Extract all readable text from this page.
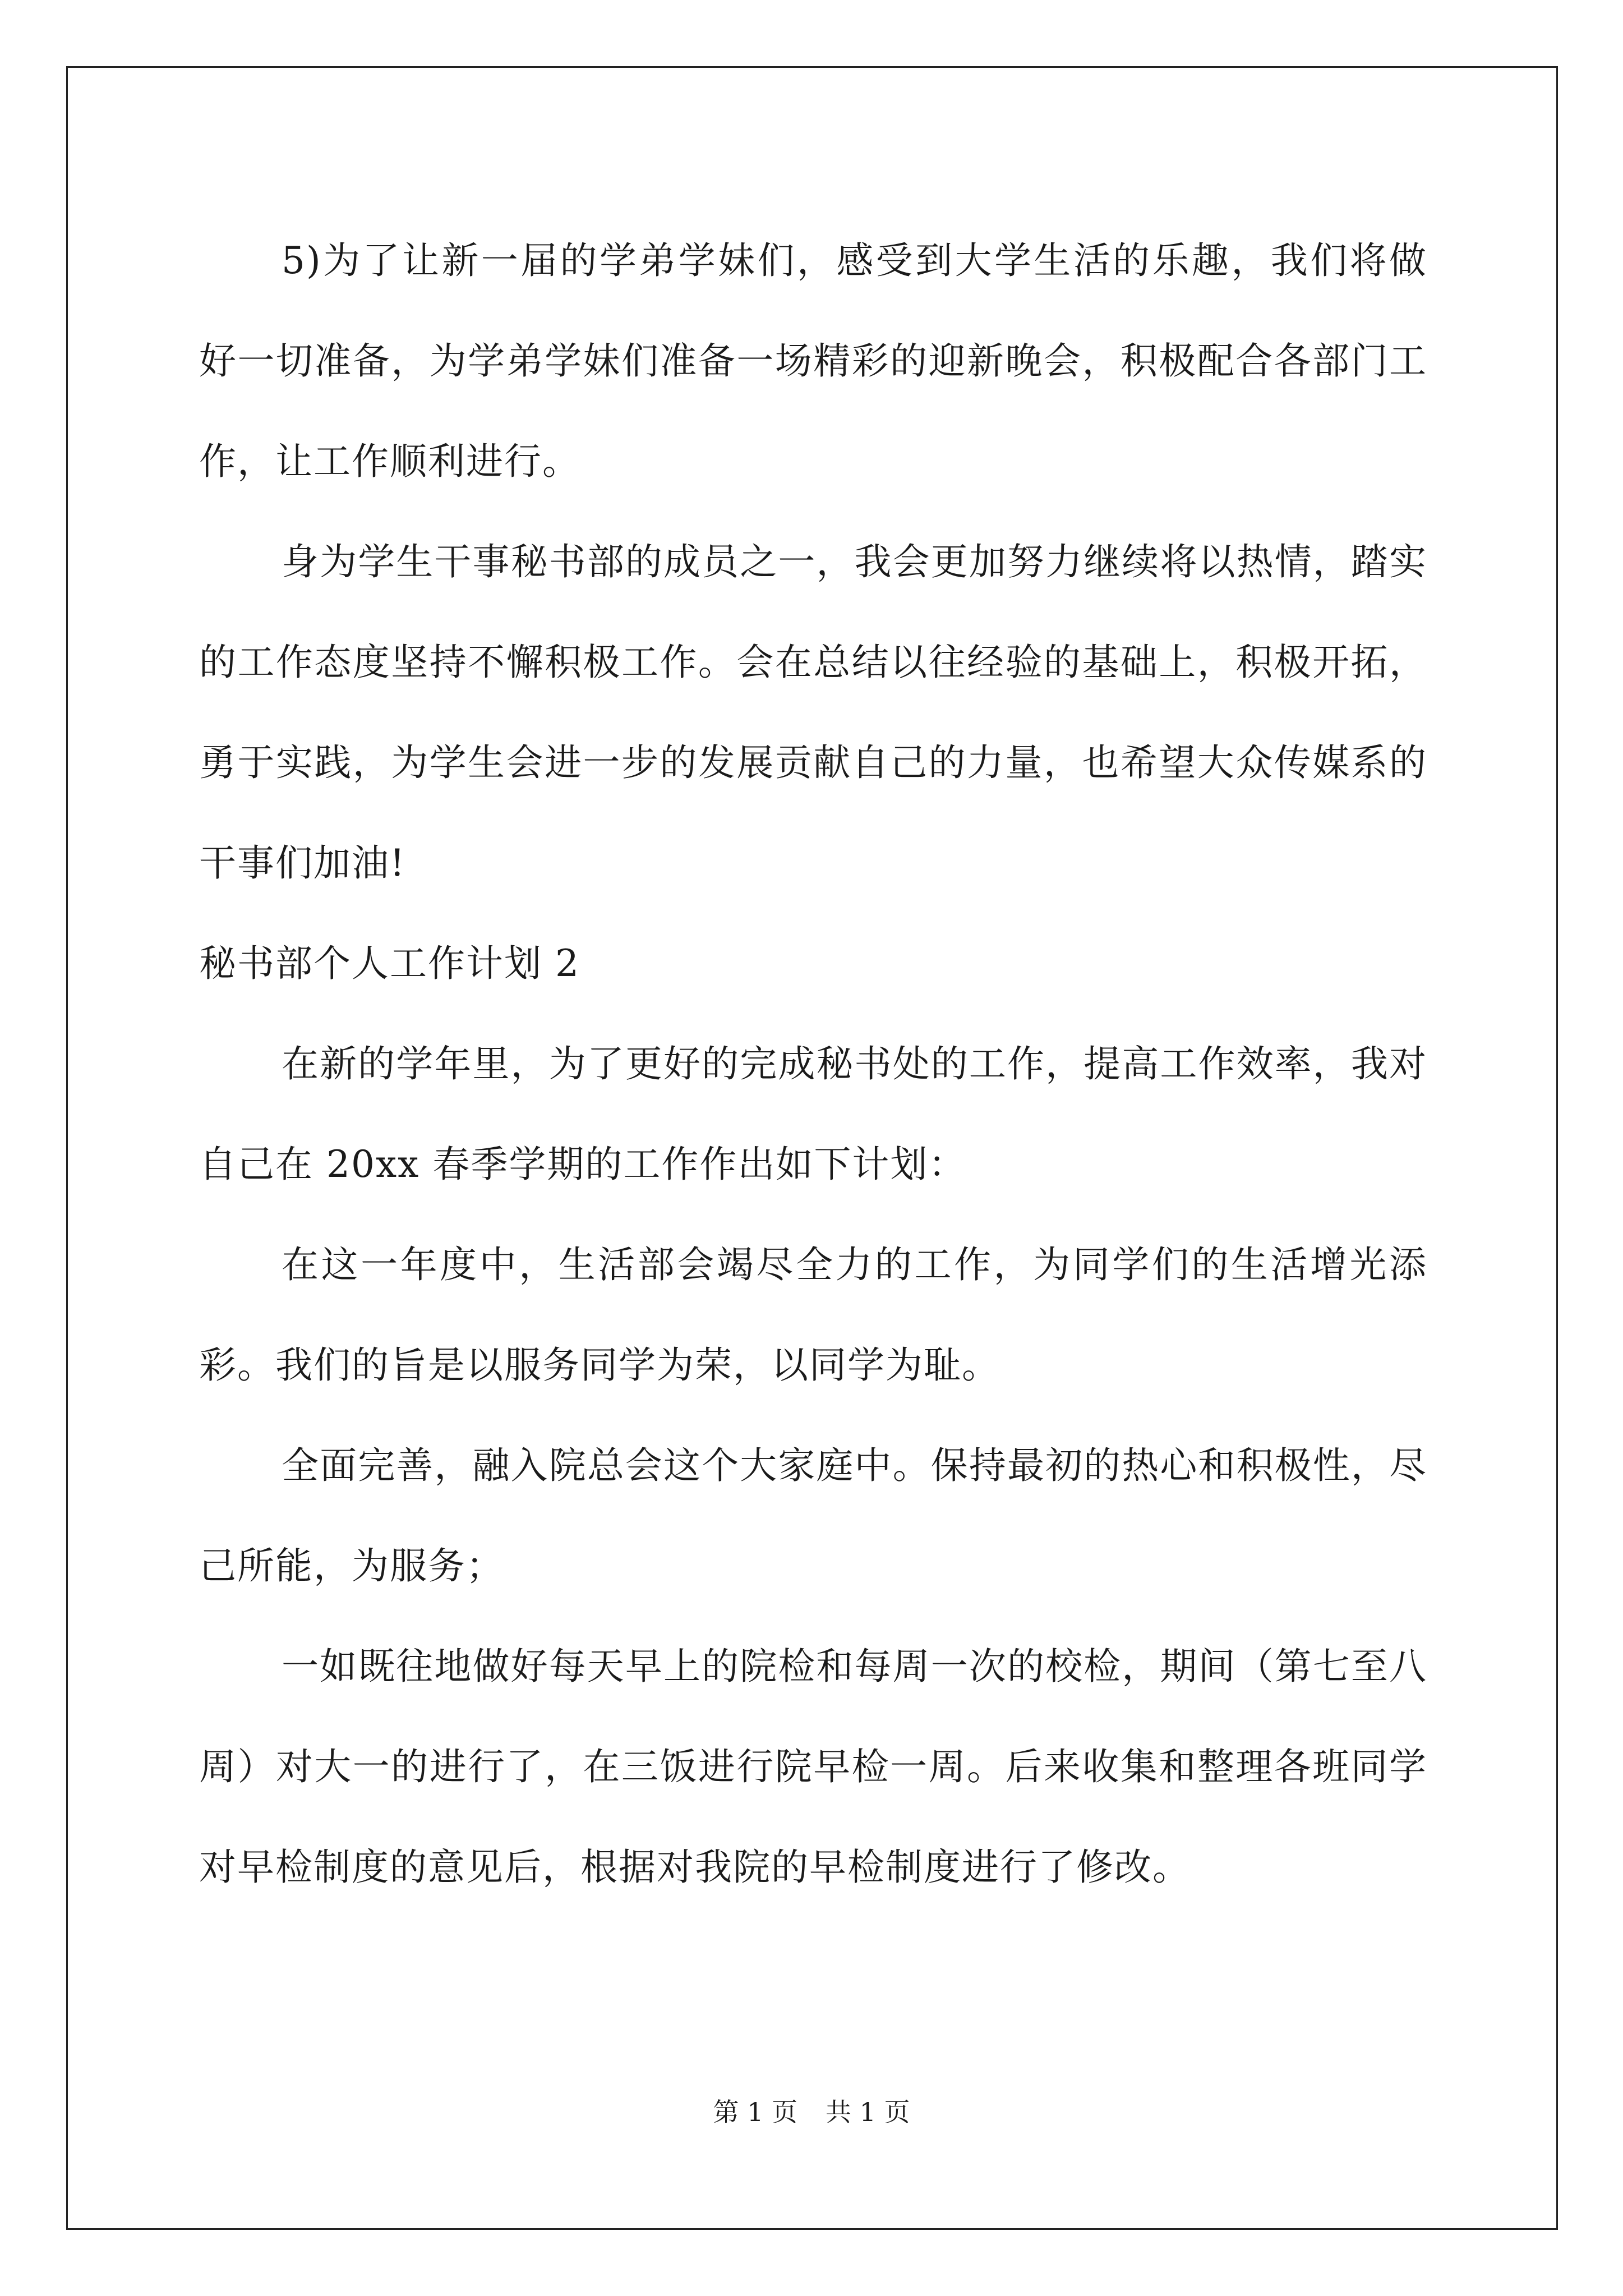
5)为了让新一届的学弟学妹们，感受到大学生活的乐趣，我们将做好一切准备，为学弟学妹们准备一场精彩的迎新晚会，积极配合各部门工作，让工作顺利进行。

身为学生干事秘书部的成员之一，我会更加努力继续将以热情，踏实的工作态度坚持不懈积极工作。会在总结以往经验的基础上，积极开拓，勇于实践，为学生会进一步的发展贡献自己的力量，也希望大众传媒系的干事们加油!

秘书部个人工作计划 2

在新的学年里，为了更好的完成秘书处的工作，提高工作效率，我对自己在 20xx 春季学期的工作作出如下计划：

在这一年度中，生活部会竭尽全力的工作，为同学们的生活增光添彩。我们的旨是以服务同学为荣，以同学为耻。

全面完善，融入院总会这个大家庭中。保持最初的热心和积极性，尽己所能，为服务；

一如既往地做好每天早上的院检和每周一次的校检，期间（第七至八周）对大一的进行了，在三饭进行院早检一周。后来收集和整理各班同学对早检制度的意见后，根据对我院的早检制度进行了修改。

第 1 页 共 1 页
